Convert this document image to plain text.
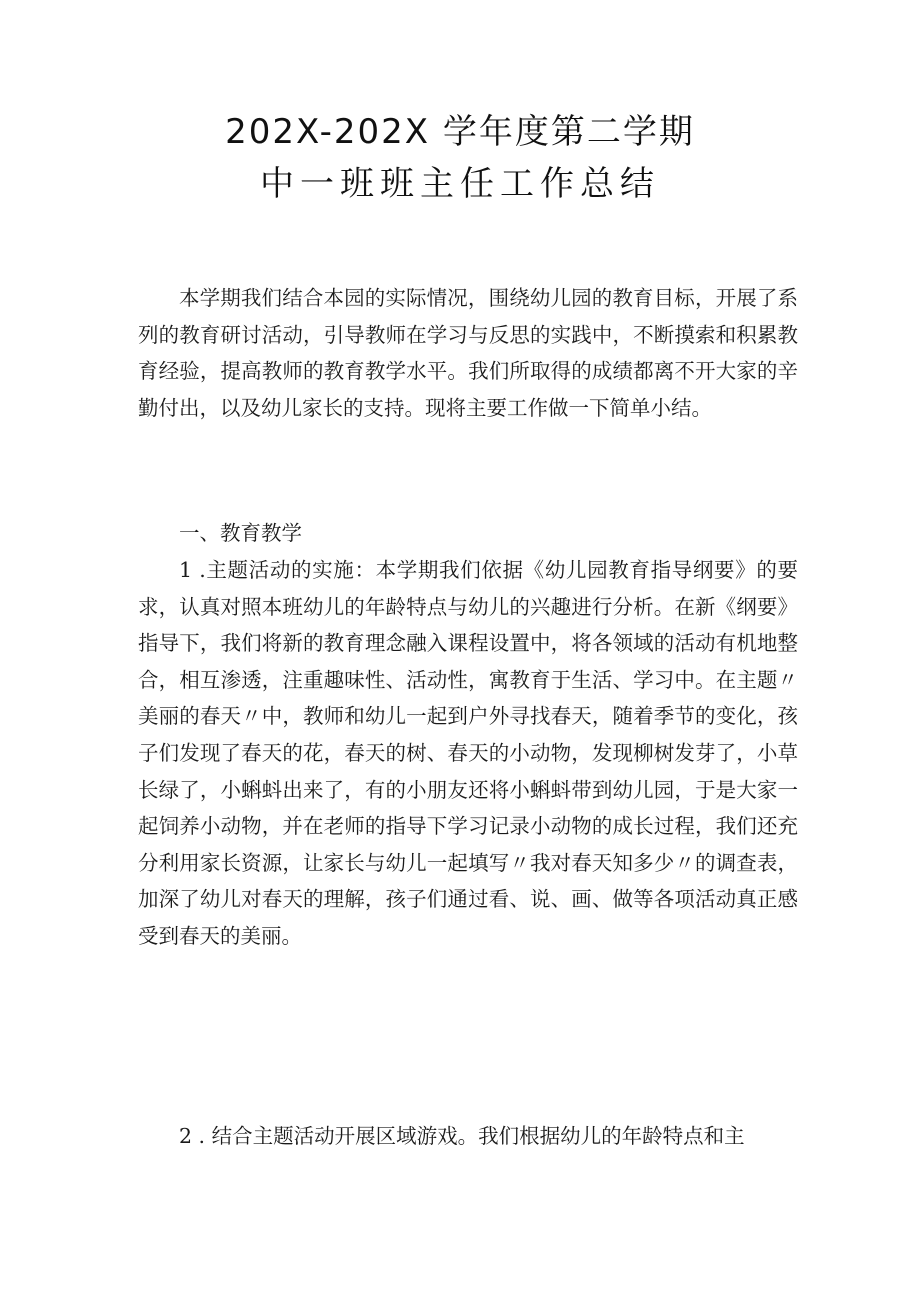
202X-202X 学年度第二学期
中一班班主任工作总结

本学期我们结合本园的实际情况，围绕幼儿园的教育目标，开展了系列的教育研讨活动，引导教师在学习与反思的实践中，不断摸索和积累教育经验，提高教师的教育教学水平。我们所取得的成绩都离不开大家的辛勤付出，以及幼儿家长的支持。现将主要工作做一下简单小结。

一、教育教学

1 .主题活动的实施：本学期我们依据《幼儿园教育指导纲要》的要求，认真对照本班幼儿的年龄特点与幼儿的兴趣进行分析。在新《纲要》指导下，我们将新的教育理念融入课程设置中，将各领域的活动有机地整合，相互渗透，注重趣味性、活动性，寓教育于生活、学习中。在主题〃美丽的春天〃中，教师和幼儿一起到户外寻找春天，随着季节的变化，孩子们发现了春天的花，春天的树、春天的小动物，发现柳树发芽了，小草长绿了，小蝌蚪出来了，有的小朋友还将小蝌蚪带到幼儿园，于是大家一起饲养小动物，并在老师的指导下学习记录小动物的成长过程，我们还充分利用家长资源，让家长与幼儿一起填写〃我对春天知多少〃的调查表，加深了幼儿对春天的理解，孩子们通过看、说、画、做等各项活动真正感受到春天的美丽。

2 . 结合主题活动开展区域游戏。我们根据幼儿的年龄特点和主
